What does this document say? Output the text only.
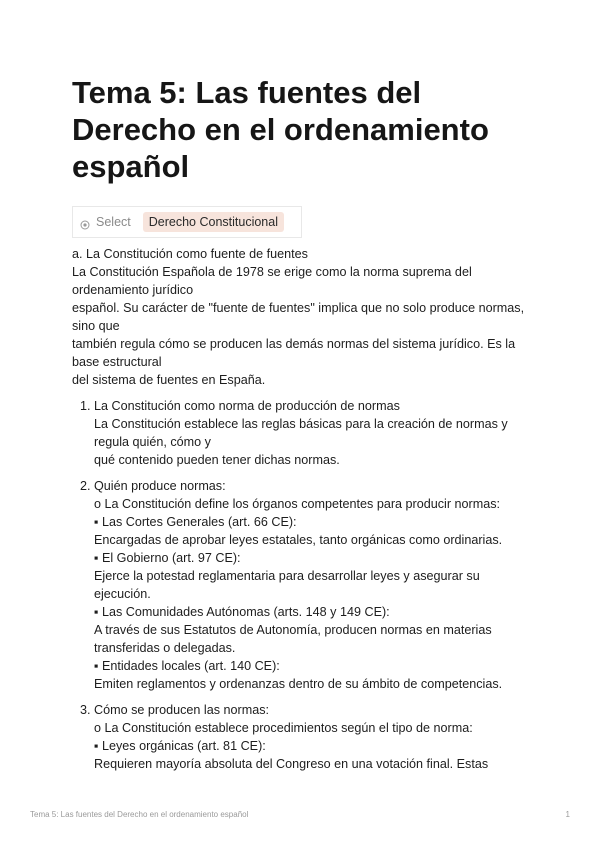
Tema 5: Las fuentes del Derecho en el ordenamiento español
Select	Derecho Constitucional

a. La Constitución como fuente de fuentes

La Constitución Española de 1978 se erige como la norma suprema del ordenamiento jurídico

español. Su carácter de "fuente de fuentes" implica que no solo produce normas, sino que

también regula cómo se producen las demás normas del sistema jurídico. Es la base estructural

del sistema de fuentes en España.

1. La Constitución como norma de producción de normas

La Constitución establece las reglas básicas para la creación de normas y regula quién, cómo y

qué contenido pueden tener dichas normas.

2. Quién produce normas:

o La Constitución define los órganos competentes para producir normas:

▪ Las Cortes Generales (art. 66 CE):

Encargadas de aprobar leyes estatales, tanto orgánicas como ordinarias.

▪ El Gobierno (art. 97 CE):

Ejerce la potestad reglamentaria para desarrollar leyes y asegurar su ejecución.

▪ Las Comunidades Autónomas (arts. 148 y 149 CE):

A través de sus Estatutos de Autonomía, producen normas en materias transferidas o delegadas.

▪ Entidades locales (art. 140 CE):

Emiten reglamentos y ordenanzas dentro de su ámbito de competencias.

3. Cómo se producen las normas:

o La Constitución establece procedimientos según el tipo de norma:

▪ Leyes orgánicas (art. 81 CE):

Requieren mayoría absoluta del Congreso en una votación final. Estas

Tema 5: Las fuentes del Derecho en el ordenamiento español	1
